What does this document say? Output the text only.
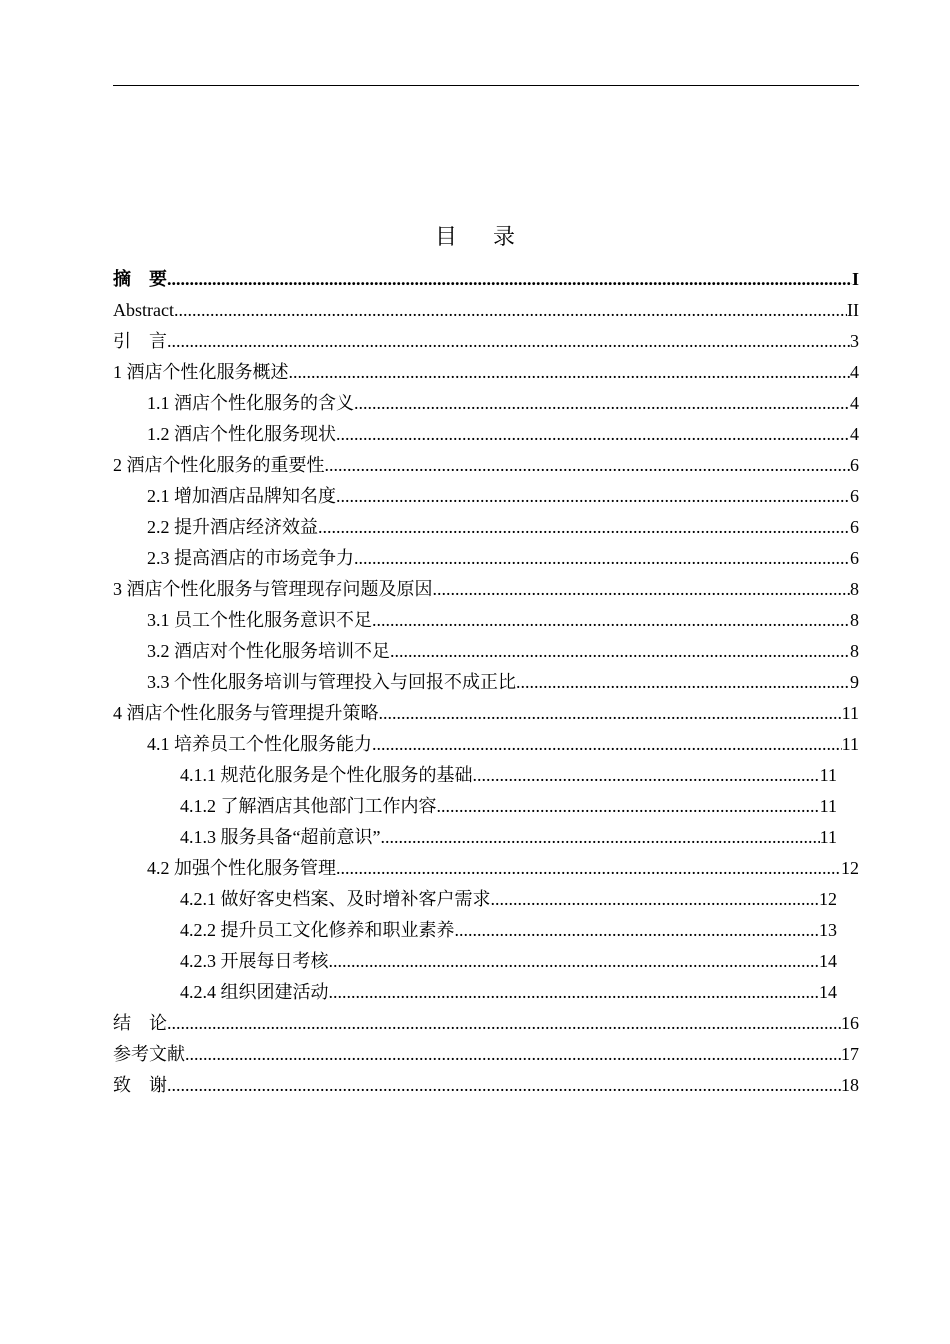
目 录
摘　要 .....	I
Abstract .....	II
引　言 .....	3
1 酒店个性化服务概述 .....	4
1.1 酒店个性化服务的含义 .....	4
1.2 酒店个性化服务现状 .....	4
2 酒店个性化服务的重要性 .....	6
2.1 增加酒店品牌知名度 .....	6
2.2 提升酒店经济效益 .....	6
2.3 提高酒店的市场竞争力 .....	6
3 酒店个性化服务与管理现存问题及原因 .....	8
3.1 员工个性化服务意识不足 .....	8
3.2 酒店对个性化服务培训不足 .....	8
3.3 个性化服务培训与管理投入与回报不成正比 .....	9
4 酒店个性化服务与管理提升策略 .....	11
4.1 培养员工个性化服务能力 .....	11
4.1.1 规范化服务是个性化服务的基础 .....	11
4.1.2 了解酒店其他部门工作内容 .....	11
4.1.3 服务具备“超前意识” .....	11
4.2 加强个性化服务管理 .....	12
4.2.1 做好客史档案、及时增补客户需求 .....	12
4.2.2 提升员工文化修养和职业素养 .....	13
4.2.3 开展每日考核 .....	14
4.2.4 组织团建活动 .....	14
结　论 .....	16
参考文献 .....	17
致　谢 .....	18
